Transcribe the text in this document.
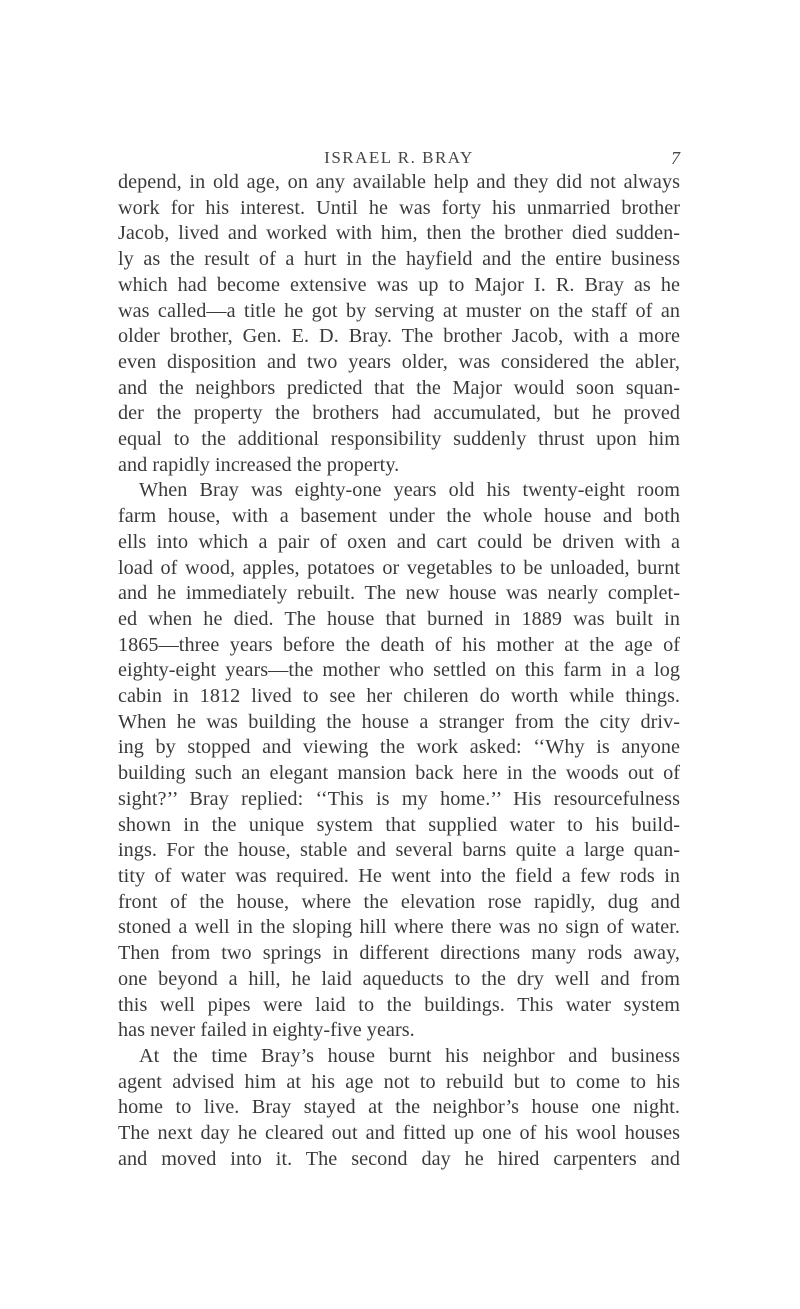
ISRAEL R. BRAY	7

depend, in old age, on any available help and they did not always
work for his interest. Until he was forty his unmarried brother
Jacob, lived and worked with him, then the brother died sudden-
ly as the result of a hurt in the hayfield and the entire business
which had become extensive was up to Major I. R. Bray as he
was called—a title he got by serving at muster on the staff of an
older brother, Gen. E. D. Bray. The brother Jacob, with a more
even disposition and two years older, was considered the abler,
and the neighbors predicted that the Major would soon squan-
der the property the brothers had accumulated, but he proved
equal to the additional responsibility suddenly thrust upon him
and rapidly increased the property.

When Bray was eighty-one years old his twenty-eight room
farm house, with a basement under the whole house and both
ells into which a pair of oxen and cart could be driven with a
load of wood, apples, potatoes or vegetables to be unloaded, burnt
and he immediately rebuilt. The new house was nearly complet-
ed when he died. The house that burned in 1889 was built in
1865—three years before the death of his mother at the age of
eighty-eight years—the mother who settled on this farm in a log
cabin in 1812 lived to see her chileren do worth while things.
When he was building the house a stranger from the city driv-
ing by stopped and viewing the work asked: ‘‘Why is anyone
building such an elegant mansion back here in the woods out of
sight?’’ Bray replied: ‘‘This is my home.’’ His resourcefulness
shown in the unique system that supplied water to his build-
ings. For the house, stable and several barns quite a large quan-
tity of water was required. He went into the field a few rods in
front of the house, where the elevation rose rapidly, dug and
stoned a well in the sloping hill where there was no sign of water.
Then from two springs in different directions many rods away,
one beyond a hill, he laid aqueducts to the dry well and from
this well pipes were laid to the buildings. This water system
has never failed in eighty-five years.

At the time Bray’s house burnt his neighbor and business
agent advised him at his age not to rebuild but to come to his
home to live. Bray stayed at the neighbor’s house one night.
The next day he cleared out and fitted up one of his wool houses
and moved into it. The second day he hired carpenters and
